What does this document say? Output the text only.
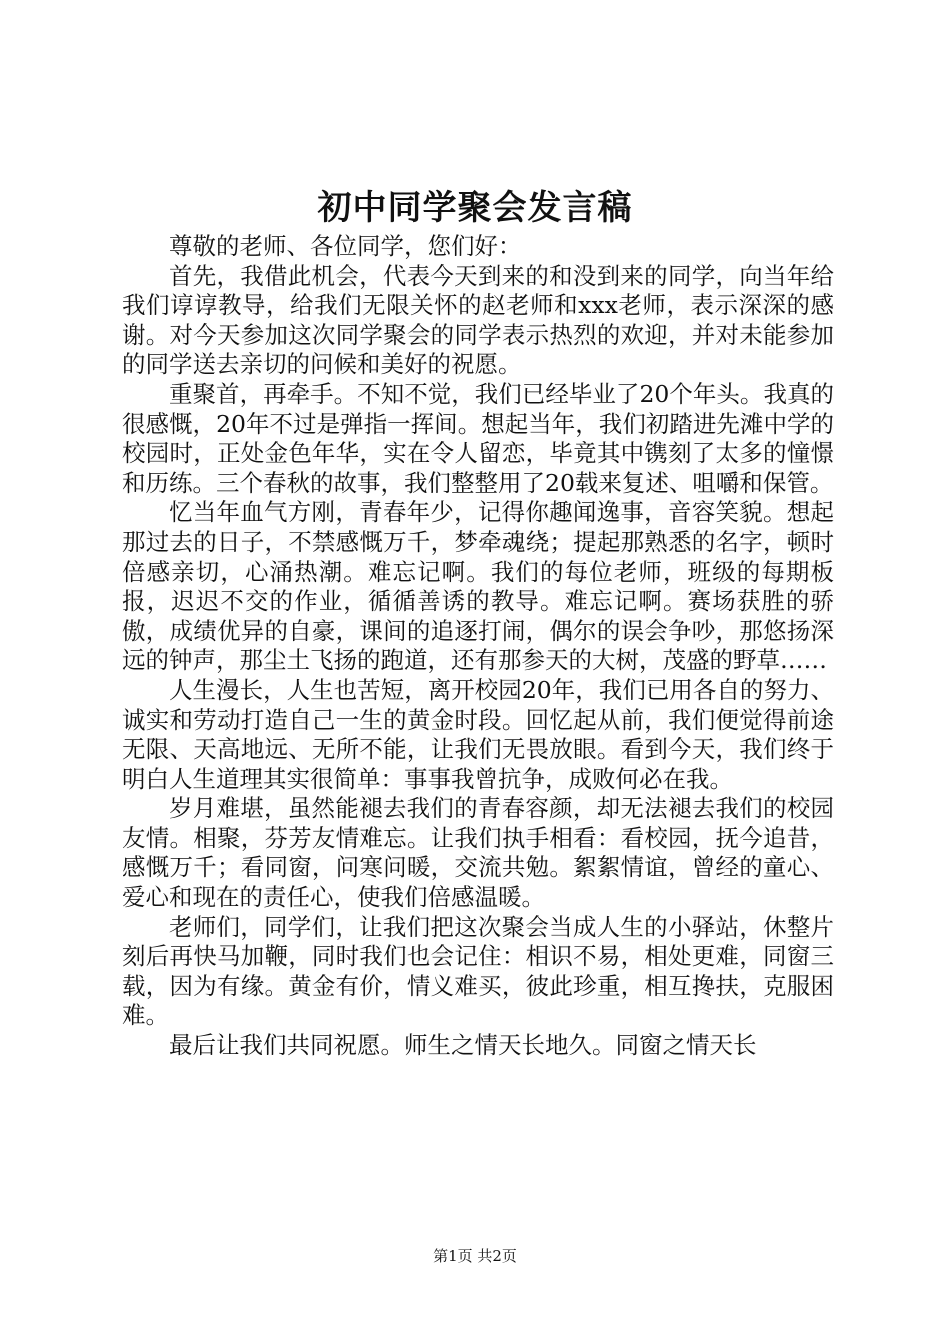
初中同学聚会发言稿

尊敬的老师、各位同学，您们好：

首先，我借此机会，代表今天到来的和没到来的同学，向当年给我们谆谆教导，给我们无限关怀的赵老师和xxx老师，表示深深的感谢。对今天参加这次同学聚会的同学表示热烈的欢迎，并对未能参加的同学送去亲切的问候和美好的祝愿。

重聚首，再牵手。不知不觉，我们已经毕业了20个年头。我真的很感慨，20年不过是弹指一挥间。想起当年，我们初踏进先滩中学的校园时，正处金色年华，实在令人留恋，毕竟其中镌刻了太多的憧憬和历练。三个春秋的故事，我们整整用了20载来复述、咀嚼和保管。

忆当年血气方刚，青春年少，记得你趣闻逸事，音容笑貌。想起那过去的日子，不禁感慨万千，梦牵魂绕；提起那熟悉的名字，顿时倍感亲切，心涌热潮。难忘记啊。我们的每位老师，班级的每期板报，迟迟不交的作业，循循善诱的教导。难忘记啊。赛场获胜的骄傲，成绩优异的自豪，课间的追逐打闹，偶尔的误会争吵，那悠扬深远的钟声，那尘土飞扬的跑道，还有那参天的大树，茂盛的野草……

人生漫长，人生也苦短，离开校园20年，我们已用各自的努力、诚实和劳动打造自己一生的黄金时段。回忆起从前，我们便觉得前途无限、天高地远、无所不能，让我们无畏放眼。看到今天，我们终于明白人生道理其实很简单：事事我曾抗争，成败何必在我。

岁月难堪，虽然能褪去我们的青春容颜，却无法褪去我们的校园友情。相聚，芬芳友情难忘。让我们执手相看：看校园，抚今追昔，感慨万千；看同窗，问寒问暖，交流共勉。絮絮情谊，曾经的童心、爱心和现在的责任心，使我们倍感温暖。

老师们，同学们，让我们把这次聚会当成人生的小驿站，休整片刻后再快马加鞭，同时我们也会记住：相识不易，相处更难，同窗三载，因为有缘。黄金有价，情义难买，彼此珍重，相互搀扶，克服困难。

最后让我们共同祝愿。师生之情天长地久。同窗之情天长

第1页 共2页
